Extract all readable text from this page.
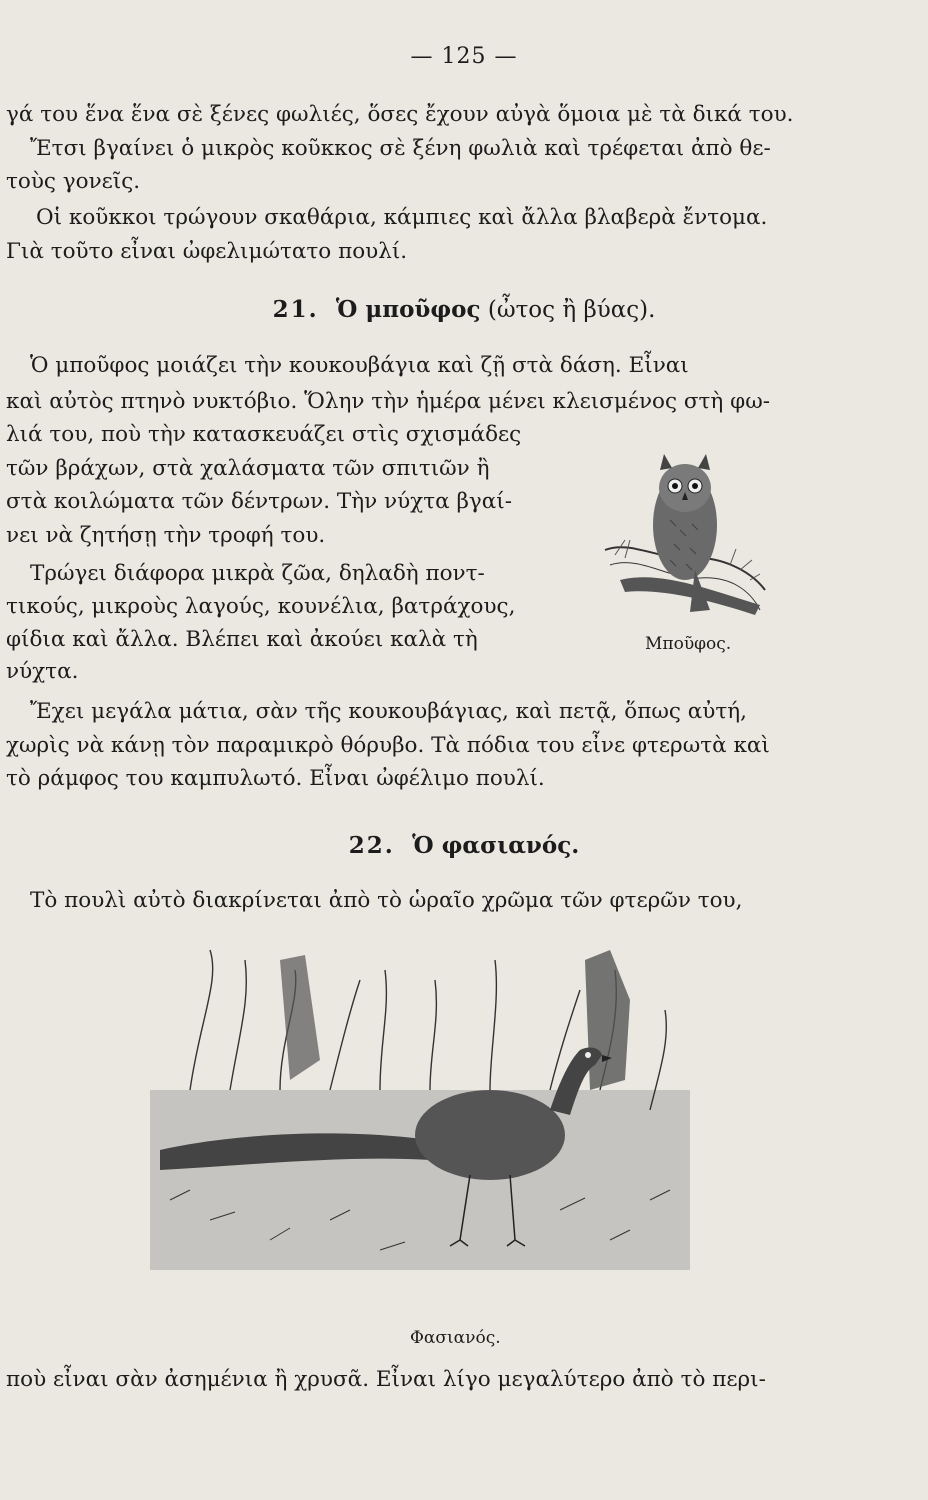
— 125 —
γά του ἕνα ἕνα σὲ ξένες φωλιές, ὅσες ἔχουν αὐγὰ ὅμοια μὲ τὰ δικά του.
Ἔτσι βγαίνει ὁ μικρὸς κοῦκκος σὲ ξένη φωλιὰ καὶ τρέφεται ἀπὸ θε-
τοὺς γονεῖς.
Οἱ κοῦκκοι τρώγουν σκαθάρια, κάμπιες καὶ ἄλλα βλαβερὰ ἔντομα.
Γιὰ τοῦτο εἶναι ὠφελιμώτατο πουλί.
21. Ὁ μποῦφος (ὦτος ἢ βύας).
Ὁ μποῦφος μοιάζει τὴν κουκουβάγια καὶ ζῇ στὰ δάση. Εἶναι
καὶ αὐτὸς πτηνὸ νυκτόβιο. Ὅλην τὴν ἡμέρα μένει κλεισμένος στὴ φω-
λιά του, ποὺ τὴν κατασκευάζει στὶς σχισμάδες
τῶν βράχων, στὰ χαλάσματα τῶν σπιτιῶν ἢ
στὰ κοιλώματα τῶν δέντρων. Τὴν νύχτα βγαί-
νει νὰ ζητήσῃ τὴν τροφή του.
Τρώγει διάφορα μικρὰ ζῶα, δηλαδὴ ποντ-
τικούς, μικροὺς λαγούς, κουνέλια, βατράχους,
φίδια καὶ ἄλλα. Βλέπει καὶ ἀκούει καλὰ τὴ
νύχτα.
Ἔχει μεγάλα μάτια, σὰν τῆς κουκουβάγιας, καὶ πετᾷ, ὅπως αὐτή,
χωρὶς νὰ κάνῃ τὸν παραμικρὸ θόρυβο. Τὰ πόδια του εἶνε φτερωτὰ καὶ
τὸ ράμφος του καμπυλωτό. Εἶναι ὠφέλιμο πουλί.
Μποῦφος.
22. Ὁ φασιανός.
Τὸ πουλὶ αὐτὸ διακρίνεται ἀπὸ τὸ ὡραῖο χρῶμα τῶν φτερῶν του,
Φασιανός.
ποὺ εἶναι σὰν ἀσημένια ἢ χρυσᾶ. Εἶναι λίγο μεγαλύτερο ἀπὸ τὸ περι-
